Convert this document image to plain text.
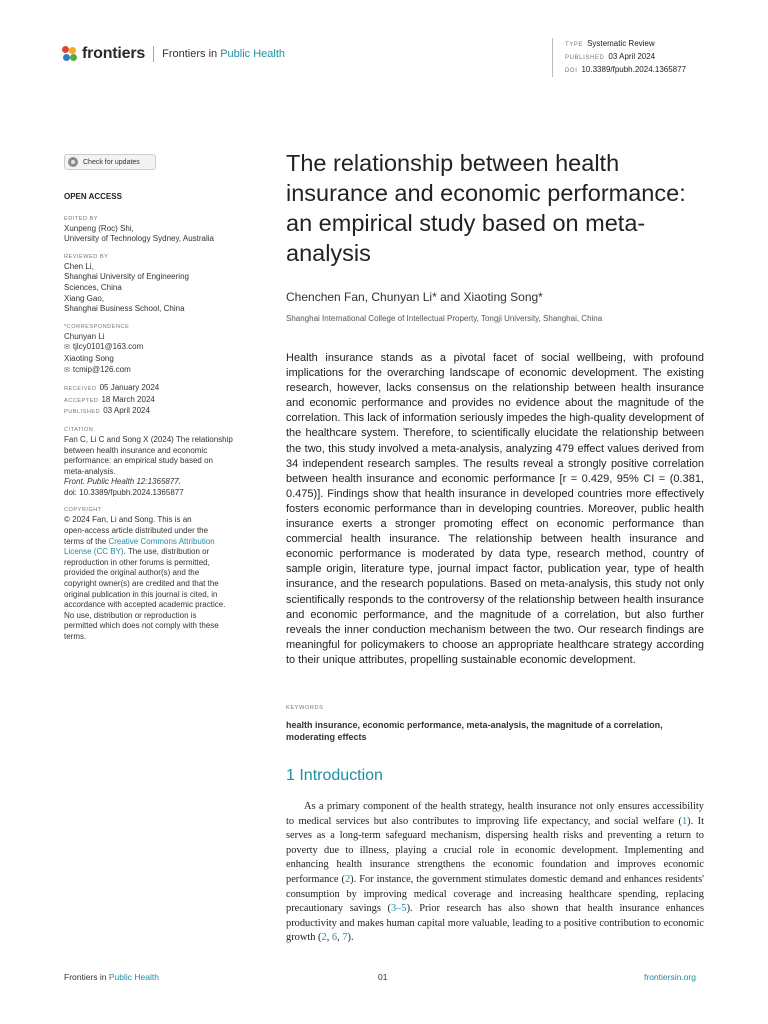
frontiers Frontiers in Public Health
TYPE Systematic Review
PUBLISHED 03 April 2024
DOI 10.3389/fpubh.2024.1365877
Check for updates
OPEN ACCESS
EDITED BY
Xunpeng (Roc) Shi,
University of Technology Sydney, Australia
REVIEWED BY
Chen Li,
Shanghai University of Engineering
Sciences, China
Xiang Gao,
Shanghai Business School, China
*CORRESPONDENCE
Chunyan Li
✉ tjlcy0101@163.com
Xiaoting Song
✉ tcmip@126.com
RECEIVED 05 January 2024
ACCEPTED 18 March 2024
PUBLISHED 03 April 2024
CITATION
Fan C, Li C and Song X (2024) The relationship
between health insurance and economic
performance: an empirical study based on
meta-analysis.
Front. Public Health 12:1365877.
doi: 10.3389/fpubh.2024.1365877
COPYRIGHT
© 2024 Fan, Li and Song. This is an
open-access article distributed under the
terms of the Creative Commons Attribution
License (CC BY). The use, distribution or
reproduction in other forums is permitted,
provided the original author(s) and the
copyright owner(s) are credited and that the
original publication in this journal is cited, in
accordance with accepted academic practice.
No use, distribution or reproduction is
permitted which does not comply with these
terms.
The relationship between health insurance and economic performance: an empirical study based on meta-analysis
Chenchen Fan, Chunyan Li* and Xiaoting Song*
Shanghai International College of Intellectual Property, Tongji University, Shanghai, China
Health insurance stands as a pivotal facet of social wellbeing, with profound implications for the overarching landscape of economic development. The existing research, however, lacks consensus on the relationship between health insurance and economic performance and provides no evidence about the magnitude of the correlation. This lack of information seriously impedes the high-quality development of the healthcare system. Therefore, to scientifically elucidate the relationship between the two, this study involved a meta-analysis, analyzing 479 effect values derived from 34 independent research samples. The results reveal a strongly positive correlation between health insurance and economic performance [r = 0.429, 95% CI = (0.381, 0.475)]. Findings show that health insurance in developed countries more effectively fosters economic performance than in developing countries. Moreover, public health insurance exerts a stronger promoting effect on economic performance than commercial health insurance. The relationship between health insurance and economic performance is moderated by data type, research method, country of sample origin, literature type, journal impact factor, publication year, type of health insurance, and the research populations. Based on meta-analysis, this study not only scientifically responds to the controversy of the relationship between health insurance and economic performance, and the magnitude of a correlation, but also further reveals the inner conduction mechanism between the two. Our research findings are meaningful for policymakers to choose an appropriate healthcare strategy according to their unique attributes, propelling sustainable economic development.
KEYWORDS
health insurance, economic performance, meta-analysis, the magnitude of a correlation, moderating effects
1 Introduction
As a primary component of the health strategy, health insurance not only ensures accessibility to medical services but also contributes to improving life expectancy, and social welfare (1). It serves as a long-term safeguard mechanism, dispersing health risks and preventing a return to poverty due to illness, playing a crucial role in economic development. Implementing and enhancing health insurance strengthens the economic foundation and improves economic performance (2). For instance, the government stimulates domestic demand and enhances residents' consumption by improving medical coverage and increasing healthcare spending, replacing precautionary savings (3–5). Prior research has also shown that health insurance enhances productivity and makes human capital more valuable, leading to a positive contribution to economic growth (2, 6, 7).
Frontiers in Public Health	01	frontiersin.org
